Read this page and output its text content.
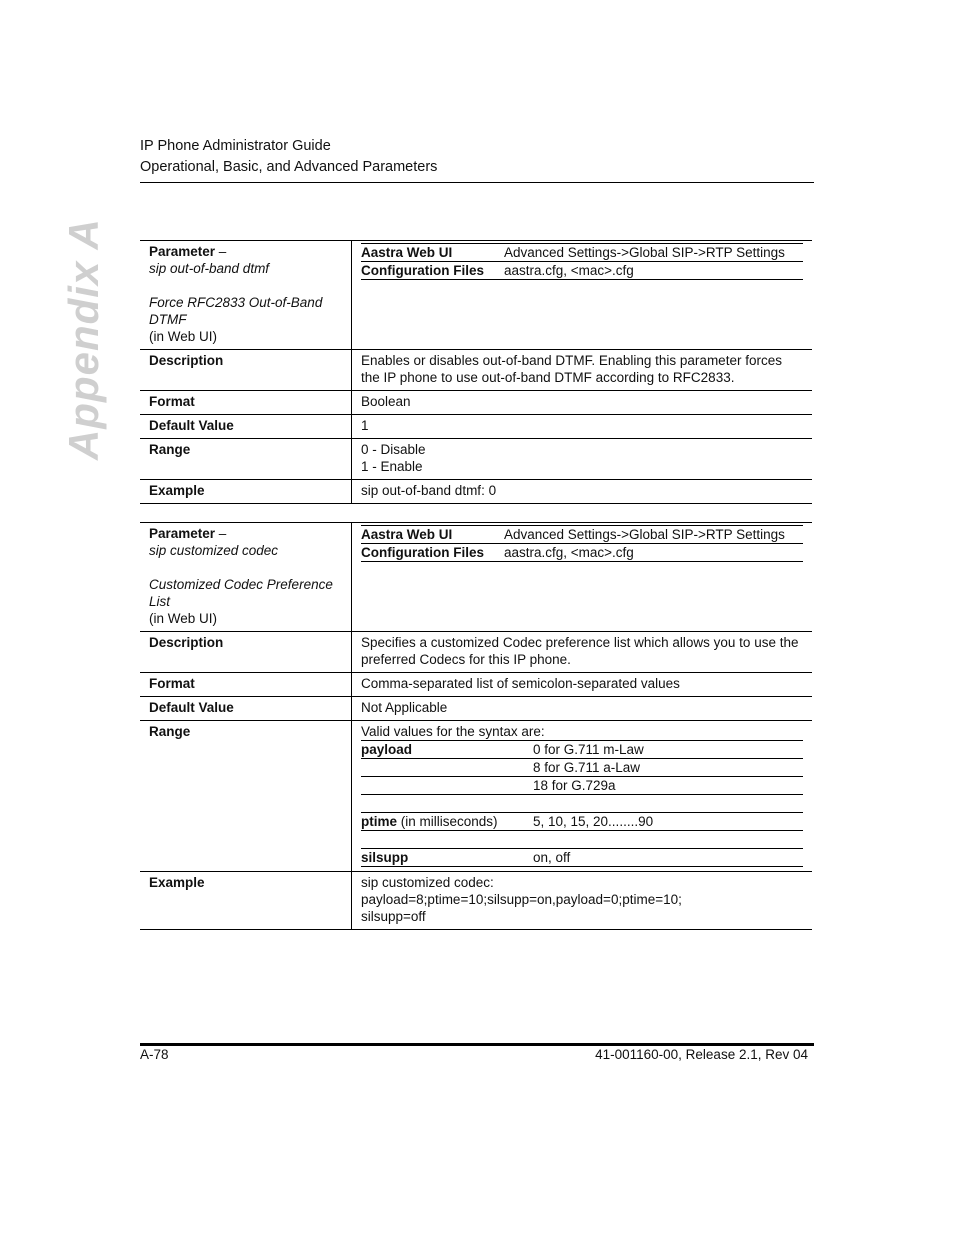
IP Phone Administrator Guide
Operational, Basic, and Advanced Parameters
Appendix A	Parameter –
sip out-of-band dtmf
Force RFC2833 Out-of-Band DTMF
(in Web UI)

Aastra Web UI	Advanced Settings->Global SIP->RTP Settings
Configuration Files	aastra.cfg, <mac>.cfg

Description	Enables or disables out-of-band DTMF. Enabling this parameter forces the IP phone to use out-of-band DTMF according to RFC2833.
Format	Boolean
Default Value	1
Range	0 - Disable
1 - Enable

Example	sip out-of-band dtmf: 0
Parameter –
sip customized codec
Customized Codec Preference List
(in Web UI)

Aastra Web UI	Advanced Settings->Global SIP->RTP Settings
Configuration Files	aastra.cfg, <mac>.cfg

Description	Specifies a customized Codec preference list which allows you to use the preferred Codecs for this IP phone.
Format	Comma-separated list of semicolon-separated values
Default Value	Not Applicable
Range	Valid values for the syntax are:
payload	0 for G.711 m-Law
	8 for G.711 a-Law
	18 for G.729a

ptime (in milliseconds)	5, 10, 15, 20........90

silsupp	on, off

Example	sip customized codec:
payload=8;ptime=10;silsupp=on,payload=0;ptime=10;
silsupp=off
A-78	41-001160-00, Release 2.1, Rev 04
